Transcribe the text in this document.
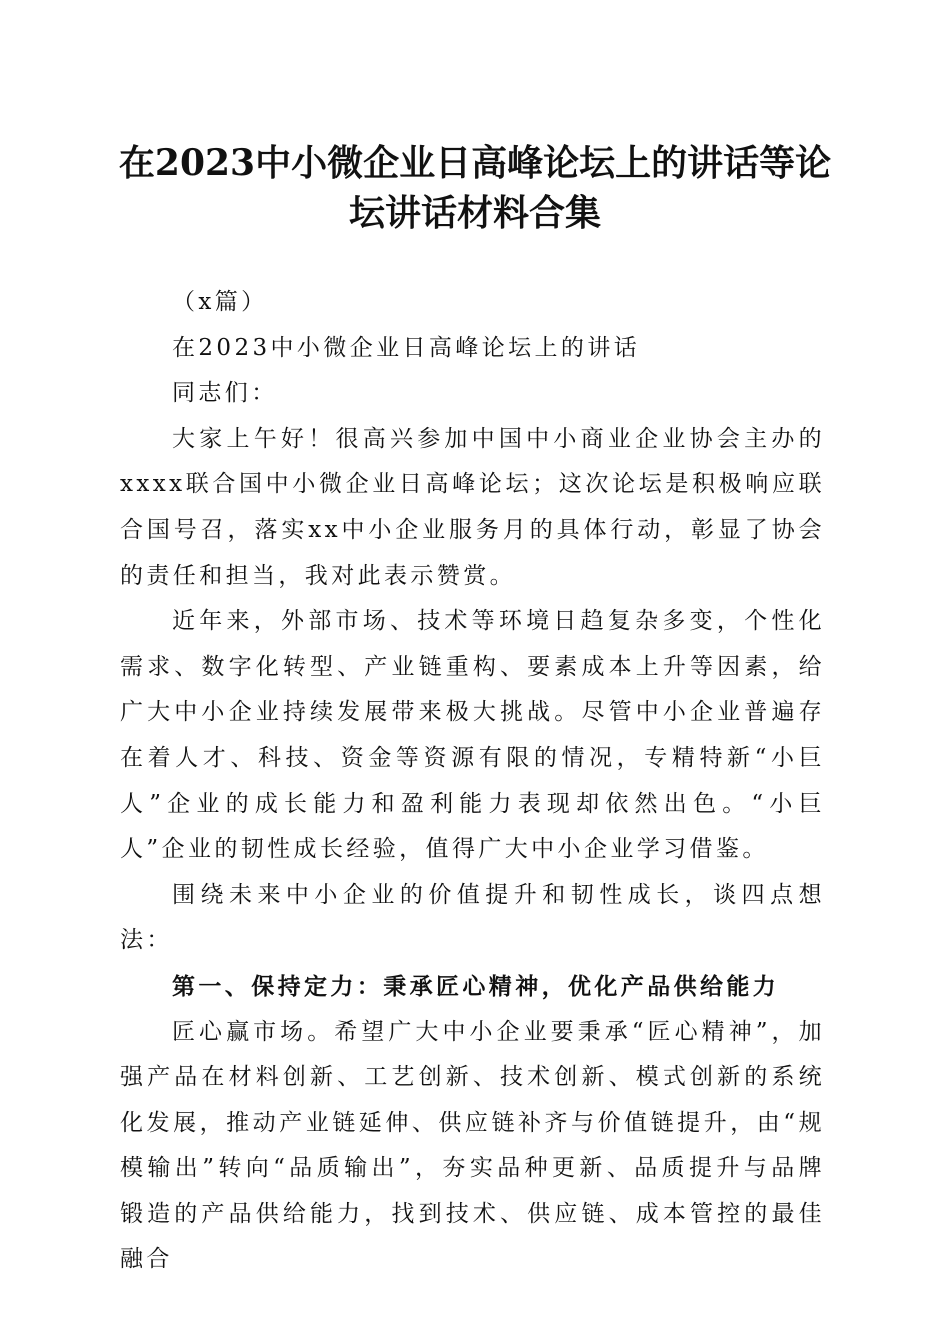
在2023中小微企业日高峰论坛上的讲话等论
坛讲话材料合集

（x篇）

在2023中小微企业日高峰论坛上的讲话

同志们：

大家上午好！很高兴参加中国中小商业企业协会主办的xxxx联合国中小微企业日高峰论坛；这次论坛是积极响应联合国号召，落实xx中小企业服务月的具体行动，彰显了协会的责任和担当，我对此表示赞赏。

近年来，外部市场、技术等环境日趋复杂多变，个性化需求、数字化转型、产业链重构、要素成本上升等因素，给广大中小企业持续发展带来极大挑战。尽管中小企业普遍存在着人才、科技、资金等资源有限的情况，专精特新“小巨人”企业的成长能力和盈利能力表现却依然出色。“小巨人”企业的韧性成长经验，值得广大中小企业学习借鉴。

围绕未来中小企业的价值提升和韧性成长，谈四点想法：

第一、保持定力：秉承匠心精神，优化产品供给能力

匠心赢市场。希望广大中小企业要秉承“匠心精神”，加强产品在材料创新、工艺创新、技术创新、模式创新的系统化发展，推动产业链延伸、供应链补齐与价值链提升，由“规模输出”转向“品质输出”，夯实品种更新、品质提升与品牌锻造的产品供给能力，找到技术、供应链、成本管控的最佳融合
